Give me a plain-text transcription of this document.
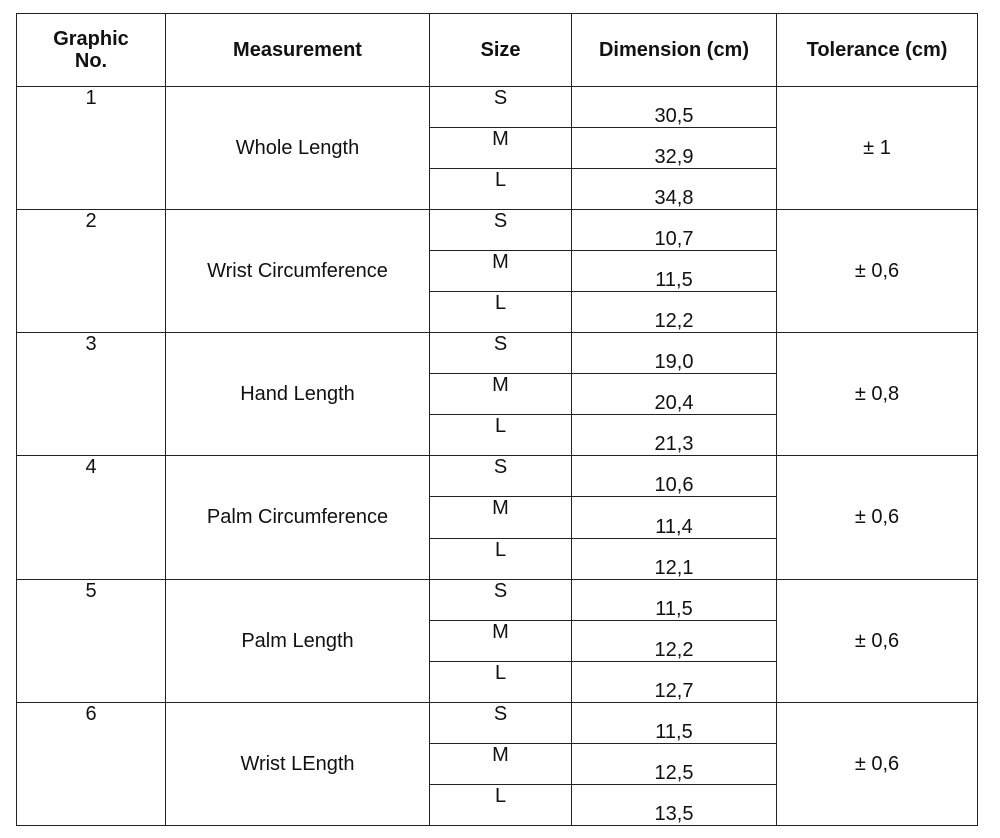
Graphic
No.	Measurement	Size	Dimension (cm)	Tolerance (cm)
1	Whole Length	S	30,5	± 1
		M	32,9	
		L	34,8	
2	Wrist Circumference	S	10,7	± 0,6
		M	11,5	
		L	12,2	
3	Hand Length	S	19,0	± 0,8
		M	20,4	
		L	21,3	
4	Palm Circumference	S	10,6	± 0,6
		M	11,4	
		L	12,1	
5	Palm Length	S	11,5	± 0,6
		M	12,2	
		L	12,7	
6	Wrist LEngth	S	11,5	± 0,6
		M	12,5	
		L	13,5	
